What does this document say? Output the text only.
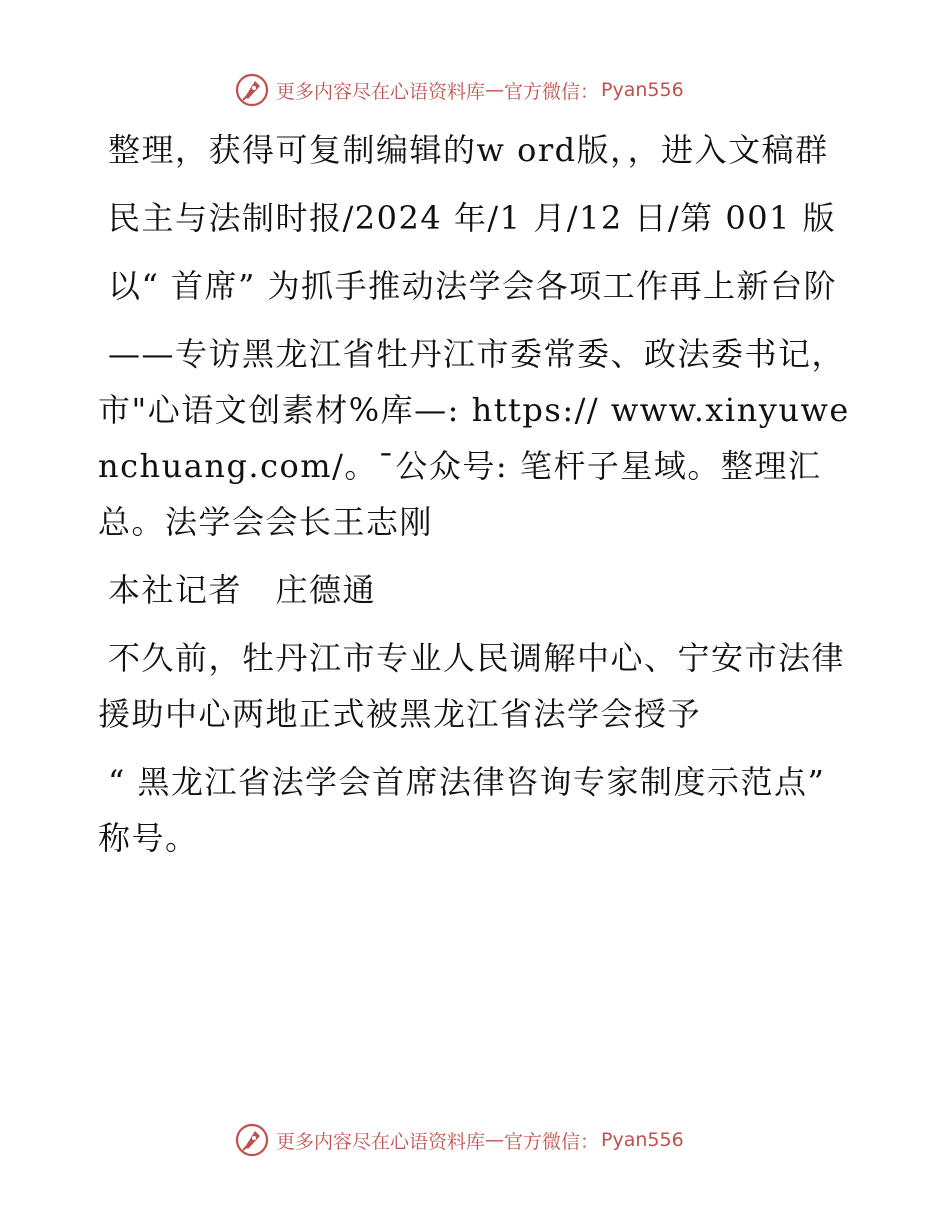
更多内容尽在心语资料库 — 官方微信： Pyan556

整理，获得可复制编辑的w ord版，，进入文稿群

民主与法制时报/2024 年/1 月/12 日/第 001 版

以“ 首席” 为抓手推动法学会各项工作再上新台阶

——专访黑龙江省牡丹江市委常委、政法委书记，市"心语文创素材%库—: https:// www.xinyuwenchuang.com/。¯公众号: 笔杆子星域。整理汇总。法学会会长王志刚

本社记者　庄德通

不久前，牡丹江市专业人民调解中心、宁安市法律援助中心两地正式被黑龙江省法学会授予

“ 黑龙江省法学会首席法律咨询专家制度示范点” 称号。

更多内容尽在心语资料库 — 官方微信： Pyan556
